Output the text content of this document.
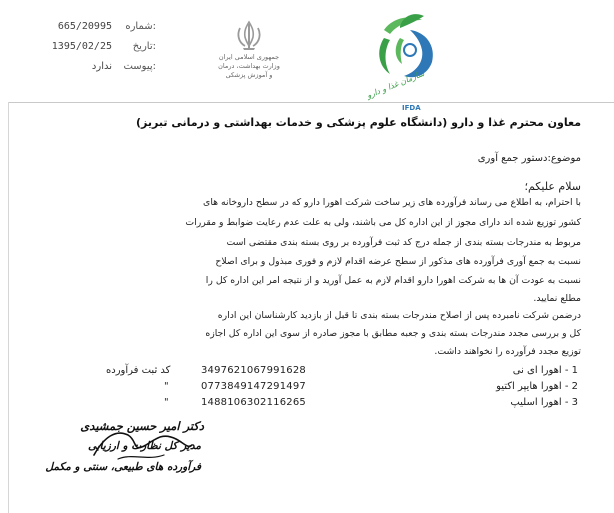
شماره:
665/20995
تاریخ:
1395/02/25
پیوست:
ندارد
جمهوری اسلامی ایران
وزارت بهداشت، درمان
و آموزش پزشکی	سازمان غذا و دارو
IFDA
معاون محترم غذا و دارو (دانشگاه علوم پزشکی و خدمات بهداشتی و درمانی تبریز)
موضوع:دستور جمع آوری
سلام علیکم؛
با احترام، به اطلاع می رساند فرآورده های زیر ساخت شرکت اهورا دارو که در سطح داروخانه های
کشور توزیع شده اند دارای مجوز از این اداره کل می باشند، ولی به علت عدم رعایت ضوابط و مقررات
مربوط به مندرجات بسته بندی از جمله درج کد ثبت فرآورده بر روی بسته بندی مقتضی است
نسبت به جمع آوری فرآورده های مذکور از سطح عرضه اقدام لازم و فوری مبذول و برای اصلاح
نسبت به عودت آن ها به شرکت اهورا دارو اقدام لازم به عمل آورید و از نتیجه امر این اداره کل را
مطلع نمایید.
درضمن شرکت نامبرده پس از اصلاح مندرجات بسته بندی تا قبل از بازدید کارشناسان این اداره
کل و بررسی مجدد مندرجات بسته بندی و جعبه مطابق با مجوز صادره از سوی این اداره کل اجازه
توزیع مجدد فرآورده را نخواهند داشت.
1 - اهورا ای نی
3497621067991628
کد ثبت فرآورده
2 - اهورا هایپر اکتیو
0773849147291497
"
3 - اهورا اسلیپ
1488106302116265
"
دکتر امیر حسین جمشیدی
مدیر کل نظارت و ارزیابی
فرآورده های طبیعی، سنتی و مکمل
